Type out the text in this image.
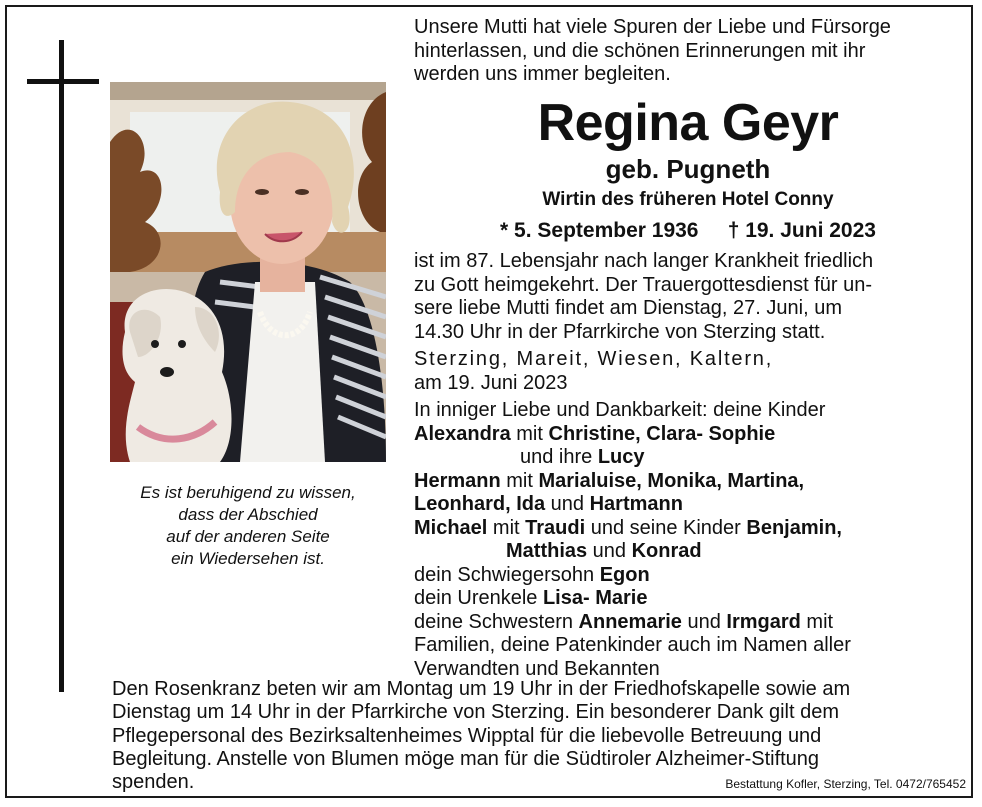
Es ist beruhigend zu wissen,
dass der Abschied
auf der anderen Seite
ein Wiedersehen ist.
Unsere Mutti hat viele Spuren der Liebe und Fürsorge
hinterlassen, und die schönen Erinnerungen mit ihr
werden uns immer begleiten.
Regina Geyr
geb. Pugneth
Wirtin des früheren Hotel Conny
* 5. September 1936 † 19. Juni 2023
ist im 87. Lebensjahr nach langer Krankheit friedlich
zu Gott heimgekehrt. Der Trauergottesdienst für un-
sere liebe Mutti findet am Dienstag, 27. Juni, um
14.30 Uhr in der Pfarrkirche von Sterzing statt.
Sterzing, Mareit, Wiesen, Kaltern,
am 19. Juni 2023
In inniger Liebe und Dankbarkeit: deine Kinder
Alexandra mit Christine, Clara- Sophie
und ihre Lucy
Hermann mit Marialuise, Monika, Martina,
Leonhard, Ida und Hartmann
Michael mit Traudi und seine Kinder Benjamin,
Matthias und Konrad
dein Schwiegersohn Egon
dein Urenkele Lisa- Marie
deine Schwestern Annemarie und Irmgard mit
Familien, deine Patenkinder auch im Namen aller
Verwandten und Bekannten
Den Rosenkranz beten wir am Montag um 19 Uhr in der Friedhofskapelle sowie am
Dienstag um 14 Uhr in der Pfarrkirche von Sterzing. Ein besonderer Dank gilt dem
Pflegepersonal des Bezirksaltenheimes Wipptal für die liebevolle Betreuung und
Begleitung. Anstelle von Blumen möge man für die Südtiroler Alzheimer-Stiftung
spenden.	Bestattung Kofler, Sterzing, Tel. 0472/765452
